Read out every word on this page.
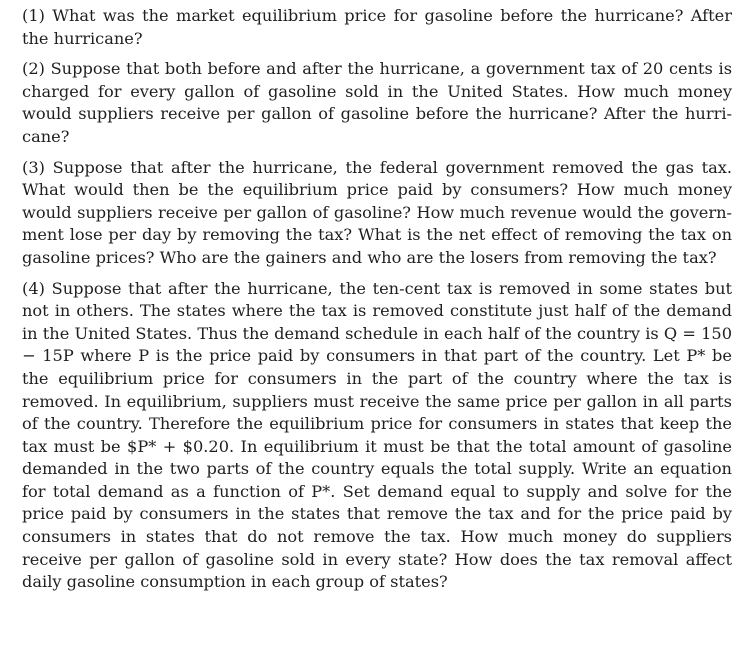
(1) What was the market equilibrium price for gasoline before the hurricane? After the hurricane?

(2) Suppose that both before and after the hurricane, a government tax of 20 cents is charged for every gallon of gasoline sold in the United States. How much money would suppliers receive per gallon of gasoline before the hurricane? After the hurricane?

(3) Suppose that after the hurricane, the federal government removed the gas tax. What would then be the equilibrium price paid by consumers? How much money would suppliers receive per gallon of gasoline? How much revenue would the government lose per day by removing the tax? What is the net effect of removing the tax on gasoline prices? Who are the gainers and who are the losers from removing the tax?

(4) Suppose that after the hurricane, the ten-cent tax is removed in some states but not in others. The states where the tax is removed constitute just half of the demand in the United States. Thus the demand schedule in each half of the country is Q = 150 − 15P where P is the price paid by consumers in that part of the country. Let P* be the equilibrium price for consumers in the part of the country where the tax is removed. In equilibrium, suppliers must receive the same price per gallon in all parts of the country. Therefore the equilibrium price for consumers in states that keep the tax must be $P* + $0.20. In equilibrium it must be that the total amount of gasoline demanded in the two parts of the country equals the total supply. Write an equation for total demand as a function of P*. Set demand equal to supply and solve for the price paid by consumers in the states that remove the tax and for the price paid by consumers in states that do not remove the tax. How much money do suppliers receive per gallon of gasoline sold in every state? How does the tax removal affect daily gasoline consumption in each group of states?
